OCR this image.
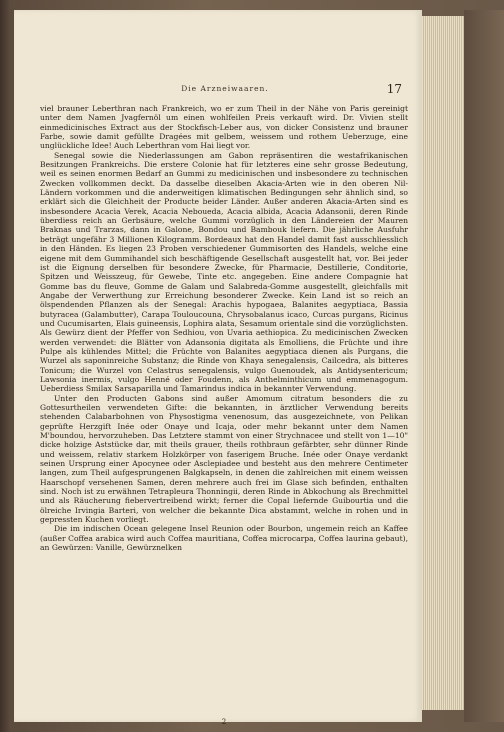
Die Arzneiwaaren.	17

viel brauner Leberthran nach Frankreich, wo er zum Theil in der Nähe von Paris gereinigt unter dem Namen Jvagfernöl um einen wohlfeilen Preis verkauft wird. Dr. Vivien stellt einmedicinisches Extract aus der Stockfisch-Leber aus, von dicker Consistenz und brauner Farbe, sowie damit gefüllte Dragées mit gelbem, weissem und rothem Ueberzuge, eine unglückliche Idee! Auch Leberthran vom Hai liegt vor.

Senegal sowie die Niederlassungen am Gabon repräsentiren die westafrikanischen Besitzungen Frankreichs. Die erstere Colonie hat für letzteres eine sehr grosse Bedeutung, weil es seinen enormen Bedarf an Gummi zu medicinischen und insbesondere zu technischen Zwecken vollkommen deckt. Da dasselbe dieselben Akacia-Arten wie in den oberen Nil-Ländern vorkommen und die anderweitigen klimatischen Bedingungen sehr ähnlich sind, so erklärt sich die Gleichheit der Producte beider Länder. Außer anderen Akacia-Arten sind es insbesondere Acacia Verek, Acacia Neboueda, Acacia albida, Acacia Adansonii, deren Rinde überdiess reich an Gerbsäure, welche Gummi vorzüglich in den Ländereien der Mauren Braknas und Trarzas, dann in Galone, Bondou und Bambouk liefern. Die jährliche Ausfuhr beträgt ungefähr 3 Millionen Kilogramm. Bordeaux hat den Handel damit fast ausschliesslich in den Händen. Es liegen 23 Proben verschiedener Gummisorten des Handels, welche eine eigene mit dem Gummihandel sich beschäftigende Gesellschaft ausgestellt hat, vor. Bei jeder ist die Eignung derselben für besondere Zwecke, für Pharmacie, Destillerie, Conditorie, Spitzen und Weisszeug, für Gewebe, Tinte etc. angegeben. Eine andere Compagnie hat Gomme bas du fleuve, Gomme de Galam und Salabreda-Gomme ausgestellt, gleichfalls mit Angabe der Verwerthung zur Erreichung besonderer Zwecke. Kein Land ist so reich an ölspendenden Pflanzen als der Senegal: Arachis hypogaea, Balanites aegyptiaca, Bassia butyracea (Galambutter), Carapa Touloucouna, Chrysobalanus icaco, Curcas purgans, Ricinus und Cucumisarten, Elais guineensis, Lophira alata, Sesamum orientale sind die vorzüglichsten. Als Gewürz dient der Pfeffer von Sedhiou, von Uvaria aethiopica. Zu medicinischen Zwecken werden verwendet: die Blätter von Adansonia digitata als Emolliens, die Früchte und ihre Pulpe als kühlendes Mittel; die Früchte von Balanites aegyptiaca dienen als Purgans, die Wurzel als saponinreiche Substanz; die Rinde von Khaya senegalensis, Cailcedra, als bitteres Tonicum; die Wurzel von Celastrus senegalensis, vulgo Guenoudek, als Antidysentericum; Lawsonia inermis, vulgo Henné oder Foudenn, als Anthelminthicum und emmenagogum. Ueberdiess Smilax Sarsaparilla und Tamarindus indica in bekannter Verwendung.

Unter den Producten Gabons sind außer Amomum citratum besonders die zu Gottesurtheilen verwendeten Gifte: die bekannten, in ärztlicher Verwendung bereits stehenden Calabarbohnen von Physostigma venenosum, das ausgezeichnete, von Pelikan geprüfte Herzgift Inée oder Onaye und Icaja, oder mehr bekannt unter dem Namen M'boundou, hervorzuheben. Das Letztere stammt von einer Strychnacee und stellt von 1—10" dicke holzige Aststücke dar, mit theils grauer, theils rothbraun gefärbter, sehr dünner Rinde und weissem, relativ starkem Holzkörper von faserigem Bruche. Inée oder Onaye verdankt seinen Ursprung einer Apocynee oder Asclepiadee und besteht aus den mehrere Centimeter langen, zum Theil aufgesprungenen Balgkapseln, in denen die zahlreichen mit einem weissen Haarschopf versehenen Samen, deren mehrere auch frei im Glase sich befinden, enthalten sind. Noch ist zu erwähnen Tetrapleura Thonningii, deren Rinde in Abkochung als Brechmittel und als Räucherung fiebervertreibend wirkt; ferner die Copal liefernde Guibourtia und die ölreiche Irvingia Barteri, von welcher die bekannte Dica abstammt, welche in rohen und in gepressten Kuchen vorliegt.

Die im indischen Ocean gelegene Insel Reunion oder Bourbon, ungemein reich an Kaffee (außer Coffea arabica wird auch Coffea mauritiana, Coffea microcarpa, Coffea laurina gebaut), an Gewürzen: Vanille, Gewürznelken

2
